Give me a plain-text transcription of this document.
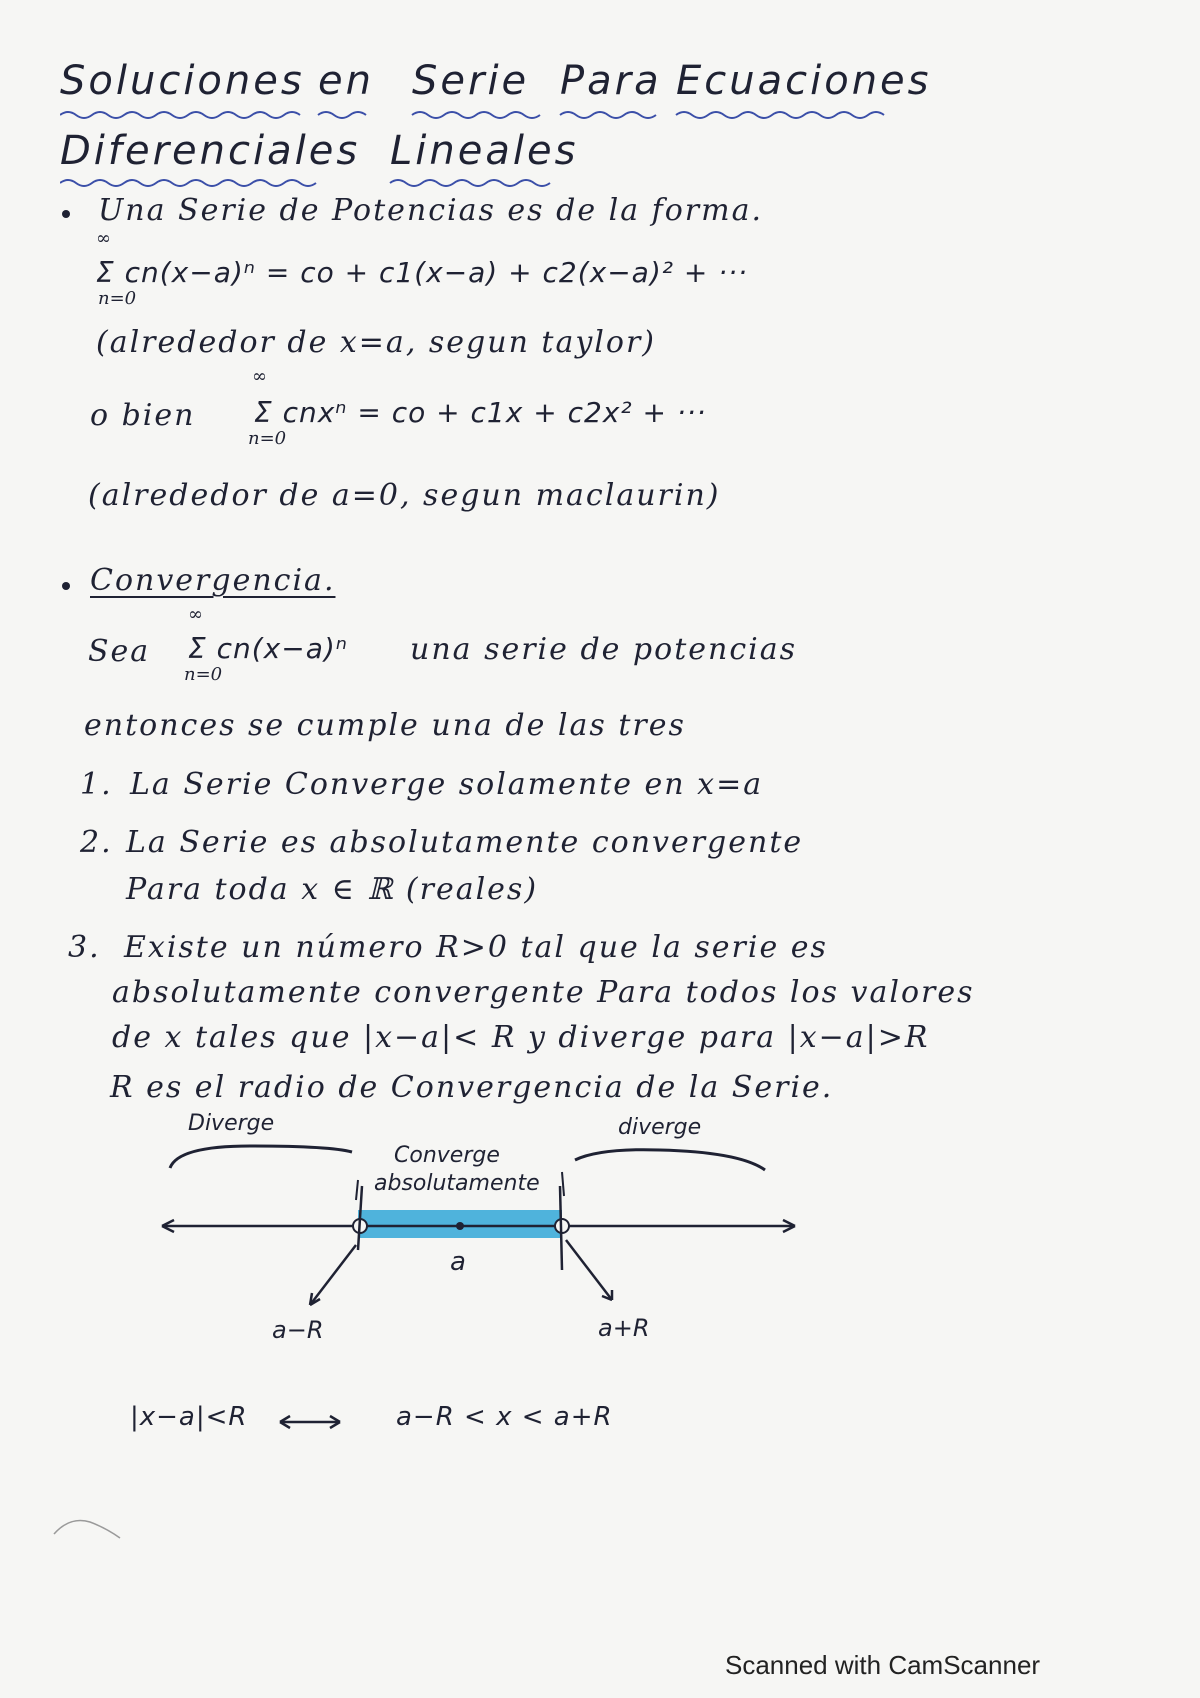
Soluciones en Serie Para Ecuaciones
Diferenciales Lineales
Una Serie de Potencias es de la forma.
∞
Σ cn(x−a)ⁿ = co + c1(x−a) + c2(x−a)² + ···
n=0
(alrededor de x=a, segun taylor)
o bien
∞
Σ cnxⁿ = co + c1x + c2x² + ···
n=0
(alrededor de a=0, segun maclaurin)
Convergencia.
Sea
∞
Σ cn(x−a)ⁿ
n=0
una serie de potencias
entonces se cumple una de las tres
1. La Serie Converge solamente en x=a
2. La Serie es absolutamente convergente
Para toda x ∈ ℝ (reales)
3. Existe un número R>0 tal que la serie es
absolutamente convergente Para todos los valores
de x tales que |x−a|< R y diverge para |x−a|>R
R es el radio de Convergencia de la Serie.
Diverge	diverge
Converge
absolutamente
a
a−R	a+R
|x−a|<R	a−R < x < a+R
Scanned with CamScanner
